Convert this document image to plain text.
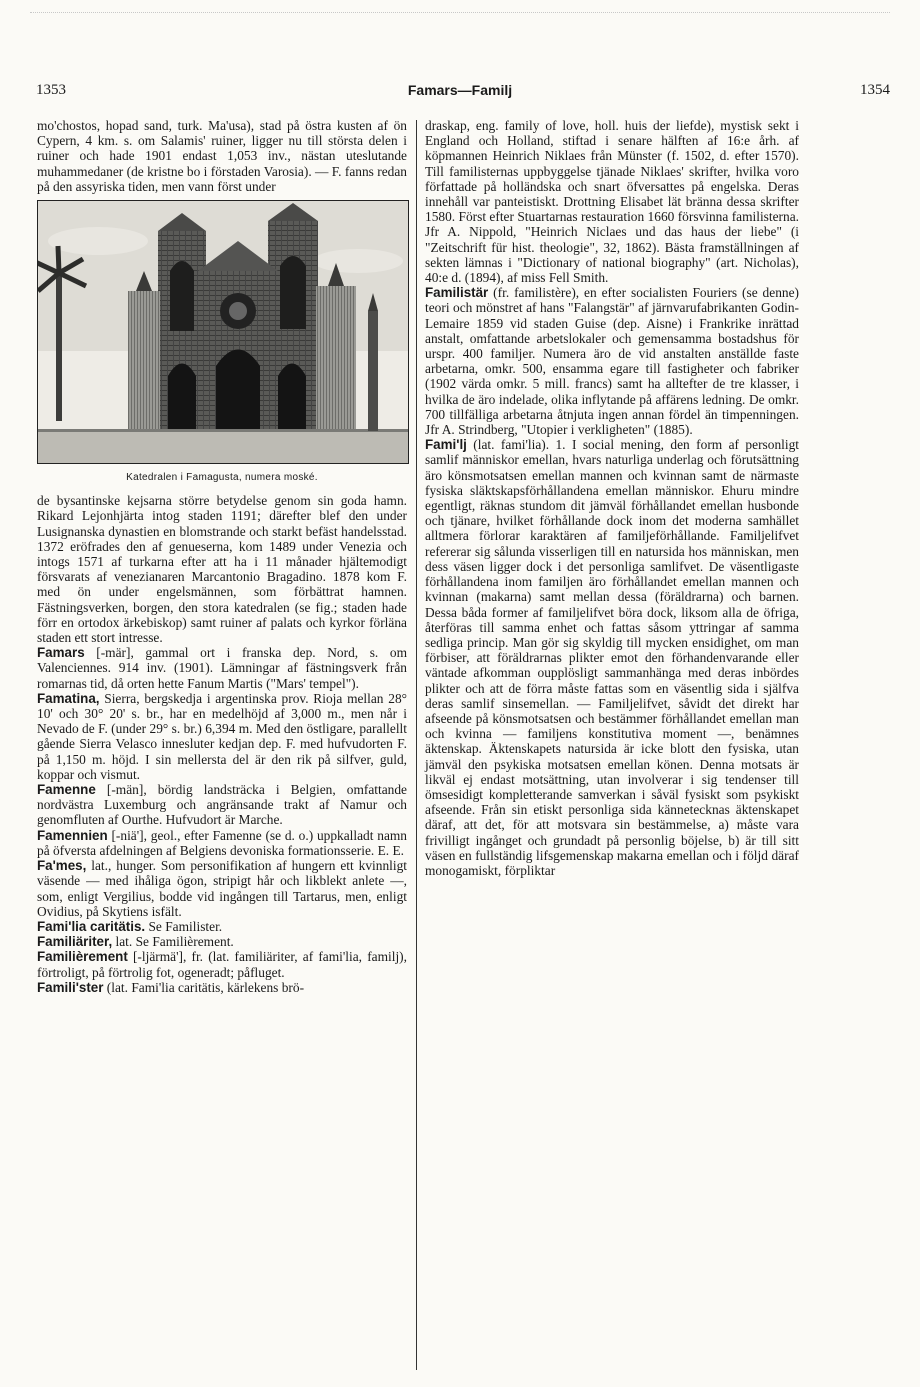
1353	Famars—Familj	1354

mo'chostos, hopad sand, turk. Ma'usa), stad på östra kusten af ön Cypern, 4 km. s. om Salamis' ruiner, ligger nu till största delen i ruiner och hade 1901 endast 1,053 inv., nästan uteslutande muhammedaner (de kristne bo i förstaden Varosia). — F. fanns redan på den assyriska tiden, men vann först under

Katedralen i Famagusta, numera moské.

de bysantinske kejsarna större betydelse genom sin goda hamn. Rikard Lejonhjärta intog staden 1191; därefter blef den under Lusignanska dynastien en blomstrande och starkt befäst handelsstad. 1372 eröfrades den af genueserna, kom 1489 under Venezia och intogs 1571 af turkarna efter att ha i 11 månader hjältemodigt försvarats af venezianaren Marcantonio Bragadino. 1878 kom F. med ön under engelsmännen, som förbättrat hamnen. Fästningsverken, borgen, den stora katedralen (se fig.; staden hade förr en ortodox ärkebiskop) samt ruiner af palats och kyrkor förläna staden ett stort intresse.

Famars [-mär], gammal ort i franska dep. Nord, s. om Valenciennes. 914 inv. (1901). Lämningar af fästningsverk från romarnas tid, då orten hette Fanum Martis ("Mars' tempel").

Famatina, Sierra, bergskedja i argentinska prov. Rioja mellan 28° 10' och 30° 20' s. br., har en medelhöjd af 3,000 m., men når i Nevado de F. (under 29° s. br.) 6,394 m. Med den östligare, parallellt gående Sierra Velasco innesluter kedjan dep. F. med hufvudorten F. på 1,150 m. höjd. I sin mellersta del är den rik på silfver, guld, koppar och vismut.

Famenne [-män], bördig landsträcka i Belgien, omfattande nordvästra Luxemburg och angränsande trakt af Namur och genomfluten af Ourthe. Hufvudort är Marche.

Famennien [-niä'], geol., efter Famenne (se d. o.) uppkalladt namn på öfversta afdelningen af Belgiens devoniska formationsserie. E. E.

Fa'mes, lat., hunger. Som personifikation af hungern ett kvinnligt väsende — med ihåliga ögon, stripigt hår och likblekt anlete —, som, enligt Vergilius, bodde vid ingången till Tartarus, men, enligt Ovidius, på Skytiens isfält.

Fami'lia caritätis. Se Familister.

Familiäriter, lat. Se Familièrement.

Familièrement [-ljärmä'], fr. (lat. familiäriter, af fami'lia, familj), förtroligt, på förtrolig fot, ogeneradt; påfluget.

Famili'ster (lat. Fami'lia caritätis, kärlekens brö-

draskap, eng. family of love, holl. huis der liefde), mystisk sekt i England och Holland, stiftad i senare hälften af 16:e årh. af köpmannen Heinrich Niklaes från Münster (f. 1502, d. efter 1570). Till familisternas uppbyggelse tjänade Niklaes' skrifter, hvilka voro författade på holländska och snart öfversattes på engelska. Deras innehåll var panteistiskt. Drottning Elisabet lät bränna dessa skrifter 1580. Först efter Stuartarnas restauration 1660 försvinna familisterna. Jfr A. Nippold, "Heinrich Niclaes und das haus der liebe" (i "Zeitschrift für hist. theologie", 32, 1862). Bästa framställningen af sekten lämnas i "Dictionary of national biography" (art. Nicholas), 40:e d. (1894), af miss Fell Smith.

Familistär (fr. familistère), en efter socialisten Fouriers (se denne) teori och mönstret af hans "Falangstär" af järnvarufabrikanten Godin-Lemaire 1859 vid staden Guise (dep. Aisne) i Frankrike inrättad anstalt, omfattande arbetslokaler och gemensamma bostadshus för urspr. 400 familjer. Numera äro de vid anstalten anställde faste arbetarna, omkr. 500, ensamma egare till fastigheter och fabriker (1902 värda omkr. 5 mill. francs) samt ha alltefter de tre klasser, i hvilka de äro indelade, olika inflytande på affärens ledning. De omkr. 700 tillfälliga arbetarna åtnjuta ingen annan fördel än timpenningen. Jfr A. Strindberg, "Utopier i verkligheten" (1885).

Fami'lj (lat. fami'lia). 1. I social mening, den form af personligt samlif människor emellan, hvars naturliga underlag och förutsättning äro könsmotsatsen emellan mannen och kvinnan samt de närmaste fysiska släktskapsförhållandena emellan människor. Ehuru mindre egentligt, räknas stundom dit jämväl förhållandet emellan husbonde och tjänare, hvilket förhållande dock inom det moderna samhället alltmera förlorar karaktären af familjeförhållande. Familjelifvet refererar sig sålunda visserligen till en natursida hos människan, men dess väsen ligger dock i det personliga samlifvet. De väsentligaste förhållandena inom familjen äro förhållandet emellan mannen och kvinnan (makarna) samt mellan dessa (föräldrarna) och barnen. Dessa båda former af familjelifvet böra dock, liksom alla de öfriga, återföras till samma enhet och fattas såsom yttringar af samma sedliga princip. Man gör sig skyldig till mycken ensidighet, om man förbiser, att föräldrarnas plikter emot den förhandenvarande eller väntade afkomman oupplösligt sammanhänga med deras inbördes plikter och att de förra måste fattas som en väsentlig sida i själfva deras samlif sinsemellan. — Familjelifvet, såvidt det direkt har afseende på könsmotsatsen och bestämmer förhållandet emellan man och kvinna — familjens konstitutiva moment —, benämnes äktenskap. Äktenskapets natursida är icke blott den fysiska, utan jämväl den psykiska motsatsen emellan könen. Denna motsats är likväl ej endast motsättning, utan involverar i sig tendenser till ömsesidigt kompletterande samverkan i såväl fysiskt som psykiskt afseende. Från sin etiskt personliga sida kännetecknas äktenskapet däraf, att det, för att motsvara sin bestämmelse, a) måste vara frivilligt ingånget och grundadt på personlig böjelse, b) är till sitt väsen en fullständig lifsgemenskap makarna emellan och i följd däraf monogamiskt, förpliktar
